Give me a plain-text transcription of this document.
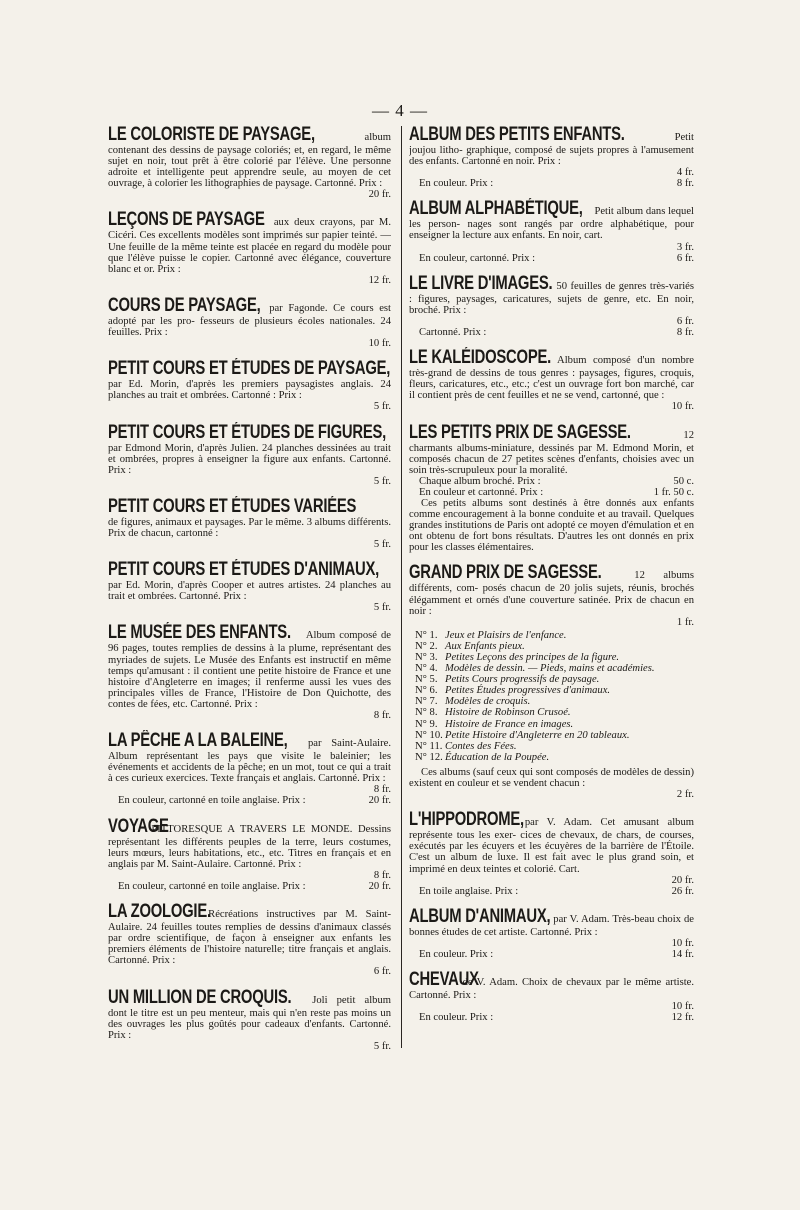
— 4 —
LE COLORISTE DE PAYSAGE,	album contenant des dessins de paysage coloriés; et, en regard, le même sujet en noir, tout prêt à être colorié par l'élève. Une personne adroite et intelligente peut apprendre seule, au moyen de cet ouvrage, à colorier les lithographies de paysage. Cartonné. Prix :
20 fr.
LEÇONS DE PAYSAGE aux deux crayons, par M. Cicéri. Ces excellents modèles sont imprimés sur papier teinté. — Une feuille de la même teinte est placée en regard du modèle pour que l'élève puisse le copier. Cartonné avec élégance, couverture blanc et or. Prix :
12 fr.
COURS DE PAYSAGE, par Fagonde. Ce cours est adopté par les pro- fesseurs de plusieurs écoles nationales. 24 feuilles. Prix :
10 fr.
PETIT COURS ET ÉTUDES DE PAYSAGE, par Ed. Morin, d'après les premiers paysagistes anglais. 24 planches au trait et ombrées. Cartonné : Prix :
5 fr.
PETIT COURS ET ÉTUDES DE FIGURES, par Edmond Morin, d'après Julien. 24 planches dessinées au trait et ombrées, propres à enseigner la figure aux enfants. Cartonné. Prix :
5 fr.
PETIT COURS ET ÉTUDES VARIÉES de figures, animaux et paysages. Par le même. 3 albums différents. Prix de chacun, cartonné :
5 fr.
PETIT COURS ET ÉTUDES D'ANIMAUX, par Ed. Morin, d'après Cooper et autres artistes. 24 planches au trait et ombrées. Cartonné. Prix :
5 fr.
LE MUSÉE DES ENFANTS. Album composé de 96 pages, toutes remplies de dessins à la plume, représentant des myriades de sujets. Le Musée des Enfants est instructif en même temps qu'amusant : il contient une petite histoire de France et une histoire d'Angleterre en images; il renferme aussi les vues des principales villes de France, l'Histoire de Don Quichotte, des contes de fées, etc. Cartonné. Prix :
8 fr.
LA PÊCHE A LA BALEINE, par Saint-Aulaire. Album représentant les pays que visite le baleinier; les événements et accidents de la pêche; en un mot, tout ce qui a trait à ces curieux exercices. Texte français et anglais. Cartonné. Prix :
8 fr.
En couleur, cartonné en toile anglaise. Prix :	20 fr.
VOYAGE PITTORESQUE A TRAVERS LE MONDE. Dessins représentant les différents peuples de la terre, leurs costumes, leurs mœurs, leurs habitations, etc., etc. Titres en français et en anglais par M. Saint-Aulaire. Cartonné. Prix :
8 fr.
En couleur, cartonné en toile anglaise. Prix :	20 fr.
LA ZOOLOGIE. Récréations instructives par M. Saint-Aulaire. 24 feuilles toutes remplies de dessins d'animaux classés par ordre scientifique, de façon à enseigner aux enfants les premiers éléments de l'histoire naturelle; titre français et anglais. Cartonné. Prix :
6 fr.
UN MILLION DE CROQUIS. Joli petit album dont le titre est un peu menteur, mais qui n'en reste pas moins un des ouvrages les plus goûtés pour cadeaux d'enfants. Cartonné. Prix :
5 fr.
ALBUM DES PETITS ENFANTS.	Petit joujou litho- graphique, composé de sujets propres à l'amusement des enfants. Cartonné en noir. Prix :
4 fr.
En couleur. Prix :	8 fr.
ALBUM ALPHABÉTIQUE, Petit album dans lequel les person- nages sont rangés par ordre alphabétique, pour enseigner la lecture aux enfants. En noir, cart.
3 fr.
En couleur, cartonné. Prix :	6 fr.
LE LIVRE D'IMAGES. 50 feuilles de genres très-variés : figures, paysages, caricatures, sujets de genre, etc. En noir, broché. Prix :
6 fr.
Cartonné. Prix :	8 fr.
LE KALÉIDOSCOPE. Album composé d'un nombre très-grand de dessins de tous genres : paysages, figures, croquis, fleurs, caricatures, etc., etc.; c'est un ouvrage fort bon marché, car il contient près de cent feuilles et ne se vend, cartonné, que :
10 fr.
LES PETITS PRIX DE SAGESSE.	12 charmants albums-miniature, dessinés par M. Edmond Morin, et composés chacun de 27 petites scènes d'enfants, choisies avec un soin très-scrupuleux pour la moralité.
Chaque album broché. Prix :	50 c.
En couleur et cartonné. Prix :	1 fr. 50 c.
Ces petits albums sont destinés à être donnés aux enfants comme encouragement à la bonne conduite et au travail. Quelques grandes institutions de Paris ont adopté ce moyen d'émulation et en ont obtenu de fort bons résultats. D'autres les ont donnés en prix pour les classes élémentaires.
GRAND PRIX DE SAGESSE.	12 albums différents, com- posés chacun de 20 jolis sujets, réunis, brochés élégamment et ornés d'une couverture satinée. Prix de chacun en noir :
1 fr.
N° 1. Jeux et Plaisirs de l'enfance.
N° 2. Aux Enfants pieux.
N° 3. Petites Leçons des principes de la figure.
N° 4. Modèles de dessin. — Pieds, mains et académies.
N° 5. Petits Cours progressifs de paysage.
N° 6. Petites Études progressives d'animaux.
N° 7. Modèles de croquis.
N° 8. Histoire de Robinson Crusoé.
N° 9. Histoire de France en images.
N° 10. Petite Histoire d'Angleterre en 20 tableaux.
N° 11. Contes des Fées.
N° 12. Éducation de la Poupée.
Ces albums (sauf ceux qui sont composés de modèles de dessin) existent en couleur et se vendent chacun :
2 fr.
L'HIPPODROME, par V. Adam. Cet amusant album représente tous les exer- cices de chevaux, de chars, de courses, exécutés par les écuyers et les écuyères de la barrière de l'Étoile. C'est un album de luxe. Il est fait avec le plus grand soin, et imprimé en deux teintes et colorié. Cart.
20 fr.
En toile anglaise. Prix :	26 fr.
ALBUM D'ANIMAUX, par V. Adam. Très-beau choix de bonnes études de cet artiste. Cartonné. Prix :
10 fr.
En couleur. Prix :	14 fr.
CHEVAUX de V. Adam. Choix de chevaux par le même artiste. Cartonné. Prix :
10 fr.
En couleur. Prix :	12 fr.
